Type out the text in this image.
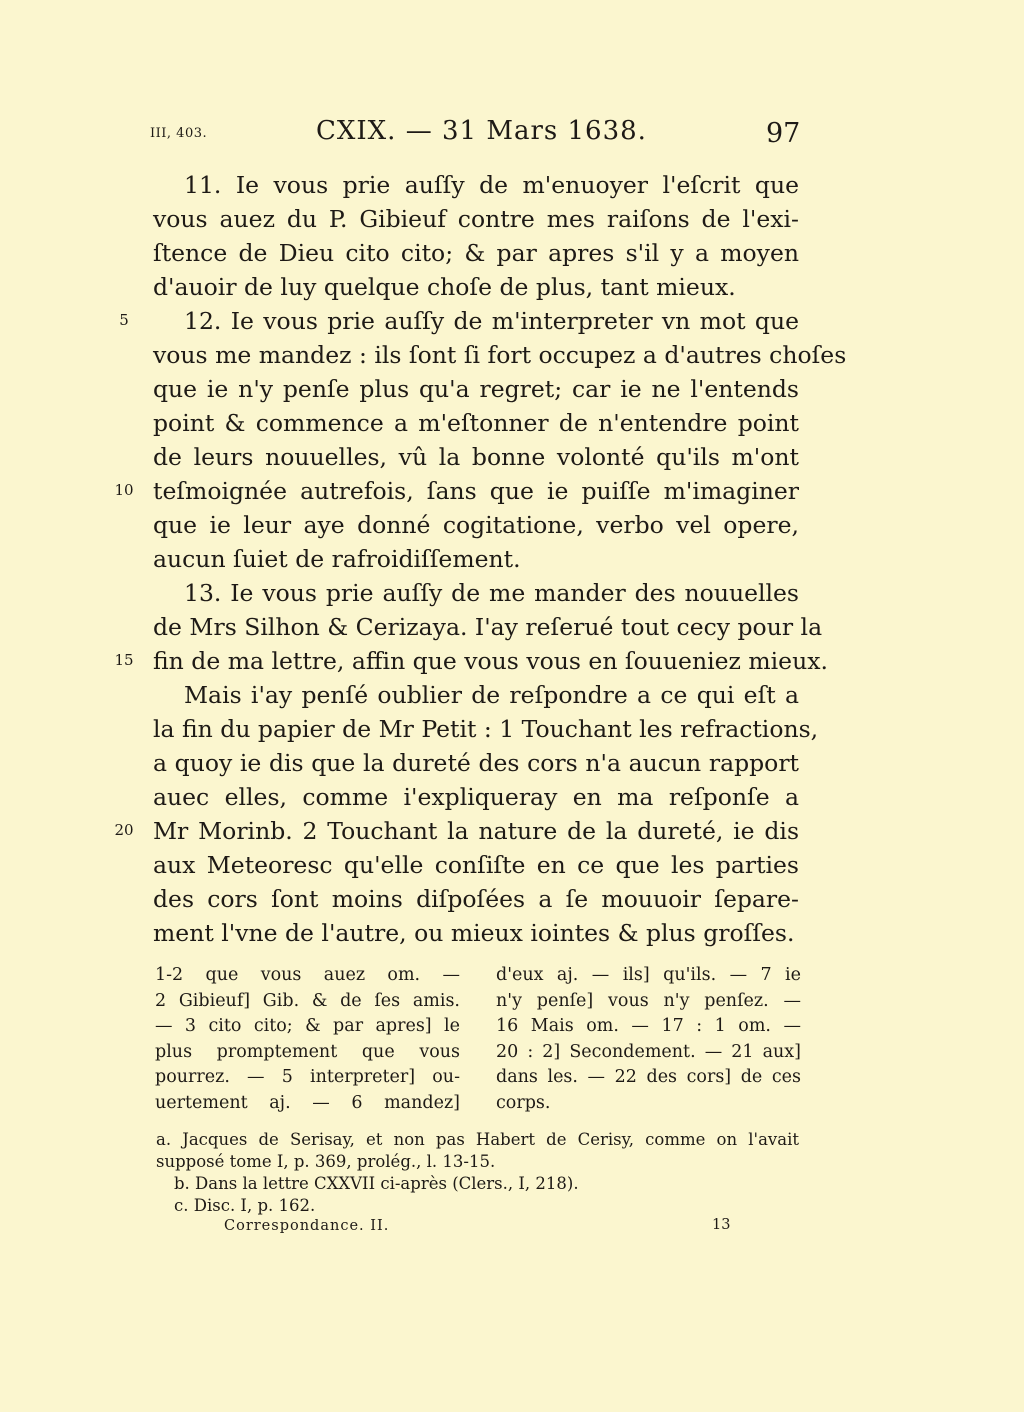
III, 403.	CXIX. — 31 Mars 1638.	97
11. Ie vous prie auſſy de m'enuoyer l'eſcrit que
vous auez du P. Gibieuf contre mes raiſons de l'exi-
ſtence de Dieu cito cito; & par apres s'il y a moyen
d'auoir de luy quelque choſe de plus, tant mieux.
12. Ie vous prie auſſy de m'interpreter vn mot que
vous me mandez : ils ſont ſi fort occupez a d'autres choſes
que ie n'y penſe plus qu'a regret; car ie ne l'entends
point & commence a m'eſtonner de n'entendre point
de leurs nouuelles, vû la bonne volonté qu'ils m'ont
teſmoignée autrefois, ſans que ie puiſſe m'imaginer
que ie leur aye donné cogitatione, verbo vel opere,
aucun ſuiet de rafroidiſſement.
13. Ie vous prie auſſy de me mander des nouuelles
de Mrs Silhon & Cerizaya. I'ay reſerué tout cecy pour la
fin de ma lettre, affin que vous vous en ſouueniez mieux.
Mais i'ay penſé oublier de reſpondre a ce qui eſt a
la fin du papier de Mr Petit : 1 Touchant les refractions,
a quoy ie dis que la dureté des cors n'a aucun rapport
auec elles, comme i'expliqueray en ma reſponſe a
Mr Morinb. 2 Touchant la nature de la dureté, ie dis
aux Meteoresc qu'elle conſiſte en ce que les parties
des cors ſont moins diſpoſées a ſe mouuoir ſepare-
ment l'vne de l'autre, ou mieux iointes & plus groſſes.
5
10
15
20
1-2 que vous auez om. —
2 Gibieuf] Gib. & de ſes amis.
— 3 cito cito; & par apres] le
plus promptement que vous
pourrez. — 5 interpreter] ou-
uertement aj. — 6 mandez]
d'eux aj. — ils] qu'ils. — 7 ie
n'y penſe] vous n'y penſez. —
16 Mais om. — 17 : 1 om. —
20 : 2] Secondement. — 21 aux]
dans les. — 22 des cors] de ces
corps.
a. Jacques de Serisay, et non pas Habert de Cerisy, comme on l'avait
supposé tome I, p. 369, prolég., l. 13-15.
b. Dans la lettre CXXVII ci-après (Clers., I, 218).
c. Disc. I, p. 162.
Correspondance. II.	13
